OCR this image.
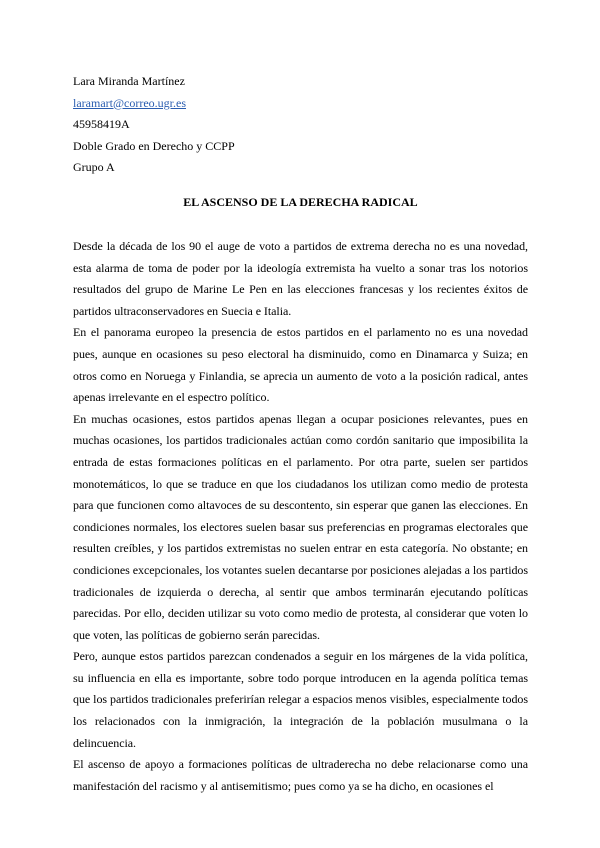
Lara Miranda Martínez
laramart@correo.ugr.es
45958419A
Doble Grado en Derecho y CCPP
Grupo A
EL ASCENSO DE LA DERECHA RADICAL

Desde la década de los 90 el auge de voto a partidos de extrema derecha no es una novedad, esta alarma de toma de poder por la ideología extremista ha vuelto a sonar tras los notorios resultados del grupo de Marine Le Pen en las elecciones francesas y los recientes éxitos de partidos ultraconservadores en Suecia e Italia.

En el panorama europeo la presencia de estos partidos en el parlamento no es una novedad pues, aunque en ocasiones su peso electoral ha disminuido, como en Dinamarca y Suiza; en otros como en Noruega y Finlandia, se aprecia un aumento de voto a la posición radical, antes apenas irrelevante en el espectro político.

En muchas ocasiones, estos partidos apenas llegan a ocupar posiciones relevantes, pues en muchas ocasiones, los partidos tradicionales actúan como cordón sanitario que imposibilita la entrada de estas formaciones políticas en el parlamento. Por otra parte, suelen ser partidos monotemáticos, lo que se traduce en que los ciudadanos los utilizan como medio de protesta para que funcionen como altavoces de su descontento, sin esperar que ganen las elecciones. En condiciones normales, los electores suelen basar sus preferencias en programas electorales que resulten creíbles, y los partidos extremistas no suelen entrar en esta categoría. No obstante; en condiciones excepcionales, los votantes suelen decantarse por posiciones alejadas a los partidos tradicionales de izquierda o derecha, al sentir que ambos terminarán ejecutando políticas parecidas. Por ello, deciden utilizar su voto como medio de protesta, al considerar que voten lo que voten, las políticas de gobierno serán parecidas.

Pero, aunque estos partidos parezcan condenados a seguir en los márgenes de la vida política, su influencia en ella es importante, sobre todo porque introducen en la agenda política temas que los partidos tradicionales preferirían relegar a espacios menos visibles, especialmente todos los relacionados con la inmigración, la integración de la población musulmana o la delincuencia.

El ascenso de apoyo a formaciones políticas de ultraderecha no debe relacionarse como una manifestación del racismo y al antisemitismo; pues como ya se ha dicho, en ocasiones el
